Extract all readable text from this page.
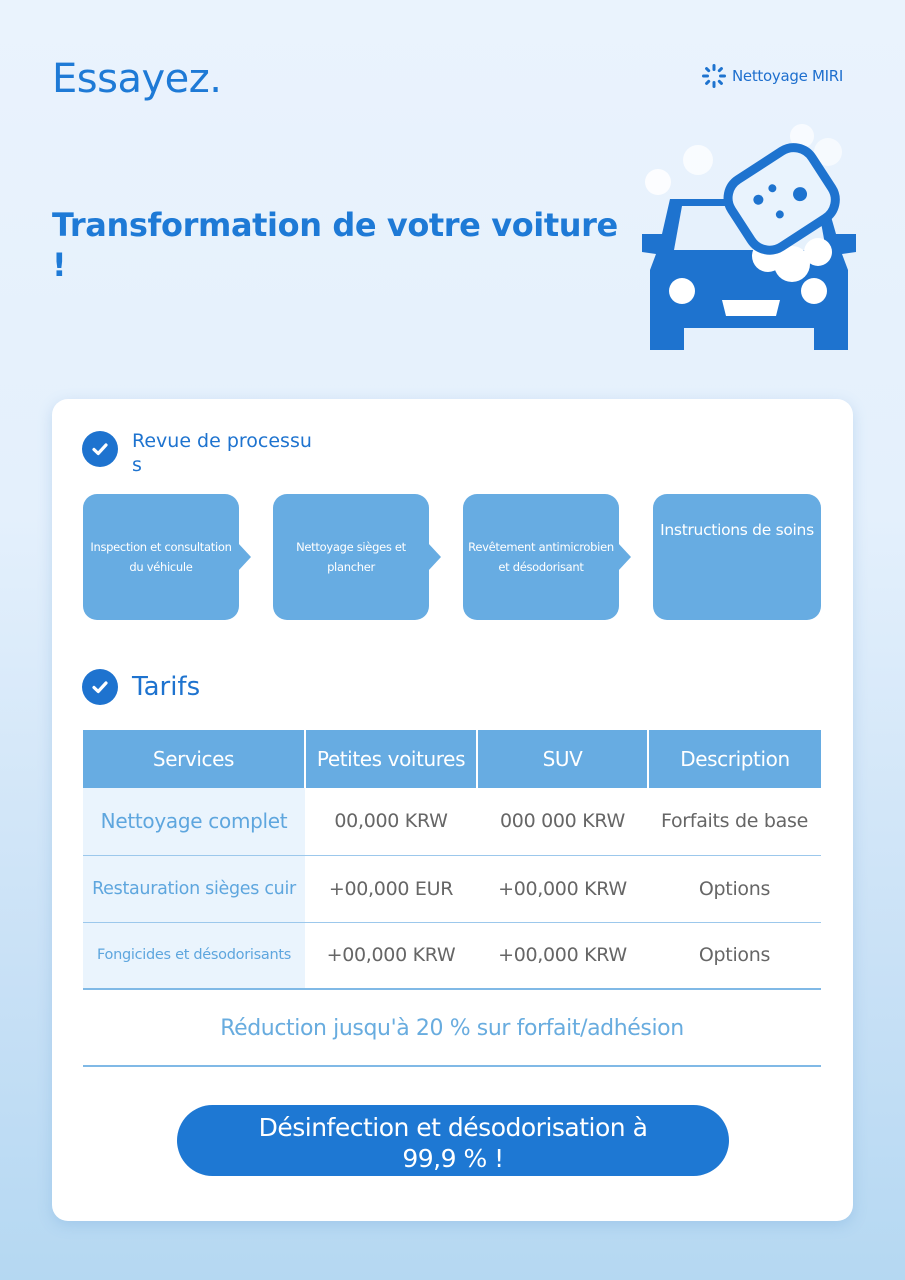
Essayez.	Nettoyage MIRI
Transformation de votre voiture !
Revue de processus
Inspection et consultation du véhicule
Nettoyage sièges et plancher
Revêtement antimicrobien et désodorisant
Instructions de soins
Tarifs
Services	Petites voitures	SUV	Description
Nettoyage complet	00,000 KRW	000 000 KRW	Forfaits de base
Restauration sièges cuir	+00,000 EUR	+00,000 KRW	Options
Fongicides et désodorisants	+00,000 KRW	+00,000 KRW	Options
Réduction jusqu'à 20 % sur forfait/adhésion
Désinfection et désodorisation à 99,9 % !
